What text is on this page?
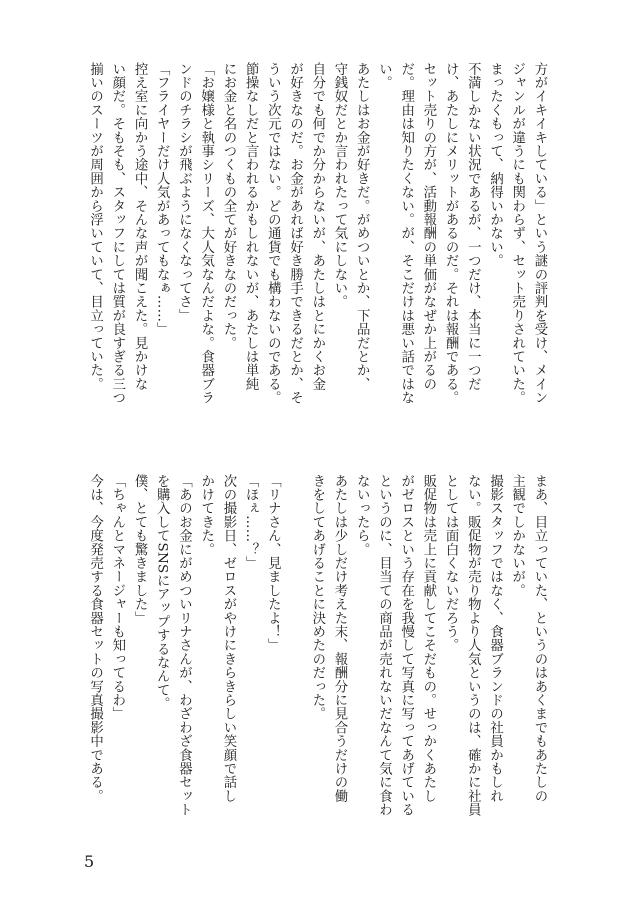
方がイキイキしている」という謎の評判を受け、メイン
ジャンルが違うにも関わらず、セット売りされていた。
まったくもって、納得いかない。
不満しかない状況であるが、一つだけ、本当に一つだ
け、あたしにメリットがあるのだ。それは報酬である。
セット売りの方が、活動報酬の単価がなぜか上がるの
だ。理由は知りたくない。が、そこだけは悪い話ではな
い。
あたしはお金が好きだ。がめついとか、下品だとか、
守銭奴だとか言われたって気にしない。
自分でも何でか分からないが、あたしはとにかくお金
が好きなのだ。お金があれば好き勝手できるだとか、そ
ういう次元ではない。どの通貨でも構わないのである。
節操なしだと言われるかもしれないが、あたしは単純
にお金と名のつくもの全てが好きなのだった。
「お嬢様と執事シリーズ、大人気なんだよな。食器ブラ
ンドのチラシが飛ぶようになくなってさ」
「フライヤーだけ人気があってもなぁ……」
控え室に向かう途中、そんな声が聞こえた。見かけな
い顔だ。そもそも、スタッフにしては質が良すぎる三つ
揃いのスーツが周囲から浮いていて、目立っていた。
まあ、目立っていた、というのはあくまでもあたしの
主観でしかないが。
撮影スタッフではなく、食器ブランドの社員かもしれ
ない。販促物が売り物より人気というのは、確かに社員
としては面白くないだろう。
販促物は売上に貢献してこそだもの。せっかくあたし
がゼロスという存在を我慢して写真に写ってあげている
というのに、目当ての商品が売れないだなんて気に食わ
ないったら。
あたしは少しだけ考えた末、報酬分に見合うだけの働
きをしてあげることに決めたのだった。
「リナさん、見ましたよ！」
「ほぇ……？」
次の撮影日、ゼロスがやけにきらきらしい笑顔で話し
かけてきた。
「あのお金にがめついリナさんが、わざわざ食器セット
を購入してSNSにアップするなんて。
僕、とても驚きました」
「ちゃんとマネージャーも知ってるわ」
今は、今度発売する食器セットの写真撮影中である。
5
